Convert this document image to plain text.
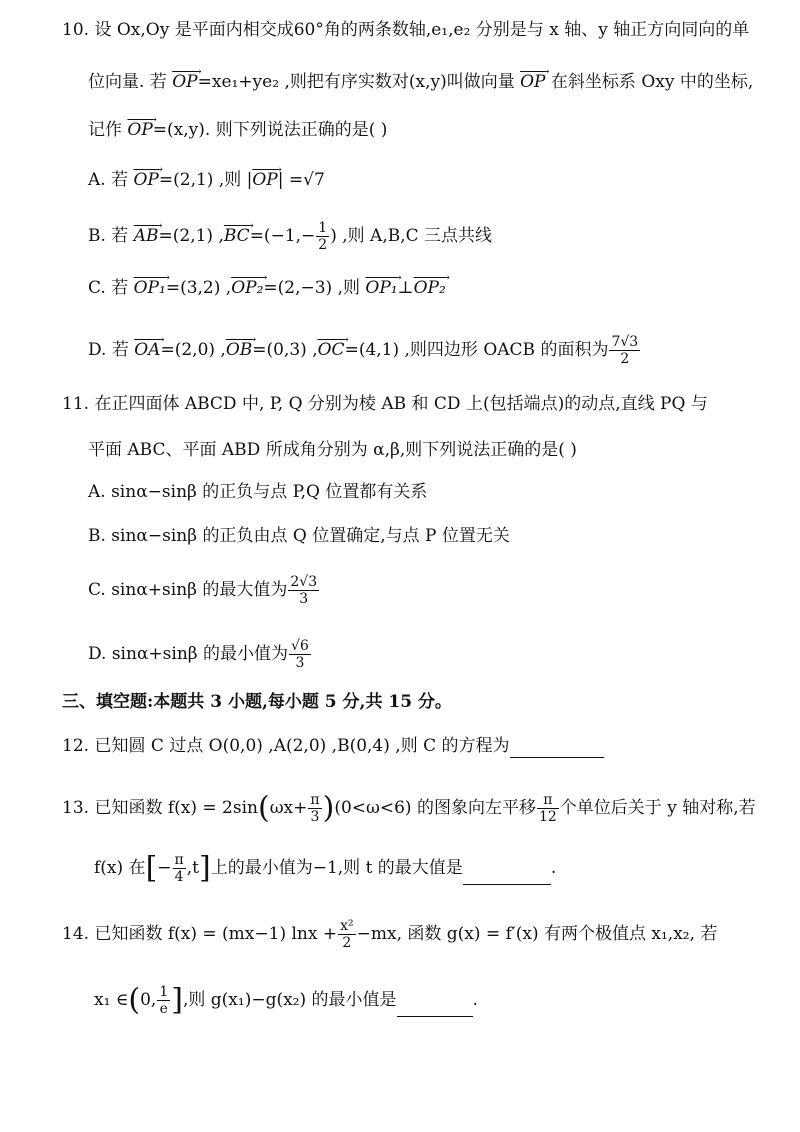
10. 设 Ox,Oy 是平面内相交成60°角的两条数轴,e₁,e₂ 分别是与 x 轴、y 轴正方向同向的单
位向量. 若 $\overline{OP} \to=xe_1+ye_2$ ,则把有序实数对(x,y)叫做向量 $\overline{OP}$ → 在斜坐标系 Oxy 中的坐标,
记作 $\overline{OP} \to=(x,y)$. 则下列说法正确的是( )
A. 若 $\overline{OP} \to=(2,1)$ ,则 $|\overline{OP}$ →| =√7
B. 若 $\overline{AB} \to=(2,1)$ $,\overline{BC} \to=(-1,- \frac{1}{2}$ ) ,则 A,B,C 三点共线
C. 若 OP₁ →=(3,2) ,OP₂ →=(2,−3) ,则 OP₁ →⊥OP₂ →
D. 若 $\overline{OA} \to=(2,0)$ $,\overline{OB} \to=(0,3)$ $,\overline{OC} \to=(4,1)$ ,则四边形 OACB 的面积为 $\frac{7√3}{2}$
11. 在正四面体 ABCD 中, P, Q 分别为棱 AB 和 CD 上(包括端点)的动点,直线 PQ 与
平面 ABC、平面 ABD 所成角分别为 α,β,则下列说法正确的是( )
A. sinα−sinβ 的正负与点 P,Q 位置都有关系
B. sinα−sinβ 的正负由点 Q 位置确定,与点 P 位置无关
C. sinα+sinβ 的最大值为 $\frac{2√3}{3}$
D. sinα+sinβ 的最小值为 $\frac{√6}{3}$
三、填空题:本题共 3 小题,每小题 5 分,共 15 分。
12. 已知圆 C 过点 O(0,0) ,A(2,0) ,B(0,4) ,则 C 的方程为
13. 已知函数 $f(x) = 2\sin(\omega x+ \frac{\pi}{3} )(0<\omega<6)$ 的图象向左平移 $\frac{\pi}{12}$ 个单位后关于 y 轴对称,若
f(x) 在[− $\frac{\pi}{4} ,t$]上的最小值为−1,则 t 的最大值是	.
14. 已知函数 f(x) = (mx−1) $\ln x + \frac{\text{x²}}{2} -mx$, 函数 g(x) = f′(x) 有两个极值点 x₁,x₂, 若
x₁ ∈(0, $\frac{1}{e}$ ],则 g(x₁)−g(x₂) 的最小值是	.
